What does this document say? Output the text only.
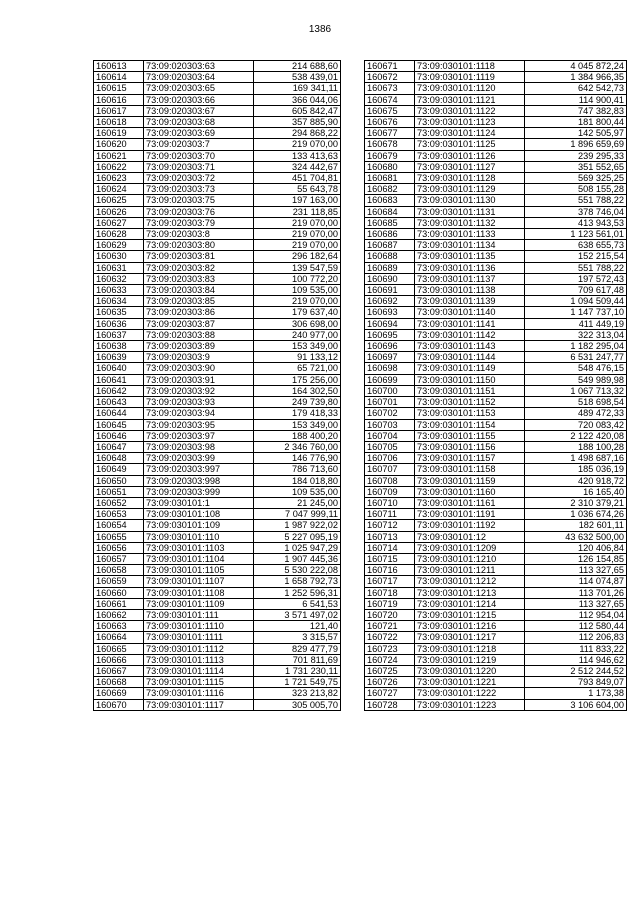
1386
160613	73:09:020303:63	214 688,60
160614	73:09:020303:64	538 439,01
160615	73:09:020303:65	169 341,11
160616	73:09:020303:66	366 044,06
160617	73:09:020303:67	605 842,47
160618	73:09:020303:68	357 885,90
160619	73:09:020303:69	294 868,22
160620	73:09:020303:7	219 070,00
160621	73:09:020303:70	133 413,63
160622	73:09:020303:71	324 442,67
160623	73:09:020303:72	451 704,81
160624	73:09:020303:73	55 643,78
160625	73:09:020303:75	197 163,00
160626	73:09:020303:76	231 118,85
160627	73:09:020303:79	219 070,00
160628	73:09:020303:8	219 070,00
160629	73:09:020303:80	219 070,00
160630	73:09:020303:81	296 182,64
160631	73:09:020303:82	139 547,59
160632	73:09:020303:83	100 772,20
160633	73:09:020303:84	109 535,00
160634	73:09:020303:85	219 070,00
160635	73:09:020303:86	179 637,40
160636	73:09:020303:87	306 698,00
160637	73:09:020303:88	240 977,00
160638	73:09:020303:89	153 349,00
160639	73:09:020303:9	91 133,12
160640	73:09:020303:90	65 721,00
160641	73:09:020303:91	175 256,00
160642	73:09:020303:92	164 302,50
160643	73:09:020303:93	249 739,80
160644	73:09:020303:94	179 418,33
160645	73:09:020303:95	153 349,00
160646	73:09:020303:97	188 400,20
160647	73:09:020303:98	2 346 760,00
160648	73:09:020303:99	146 776,90
160649	73:09:020303:997	786 713,60
160650	73:09:020303:998	184 018,80
160651	73:09:020303:999	109 535,00
160652	73:09:030101:1	21 245,00
160653	73:09:030101:108	7 047 999,11
160654	73:09:030101:109	1 987 922,02
160655	73:09:030101:110	5 227 095,19
160656	73:09:030101:1103	1 025 947,29
160657	73:09:030101:1104	1 907 445,36
160658	73:09:030101:1105	5 530 222,08
160659	73:09:030101:1107	1 658 792,73
160660	73:09:030101:1108	1 252 596,31
160661	73:09:030101:1109	6 541,53
160662	73:09:030101:111	3 571 497,02
160663	73:09:030101:1110	121,40
160664	73:09:030101:1111	3 315,57
160665	73:09:030101:1112	829 477,79
160666	73:09:030101:1113	701 811,69
160667	73:09:030101:1114	1 731 230,11
160668	73:09:030101:1115	1 721 549,75
160669	73:09:030101:1116	323 213,82
160670	73:09:030101:1117	305 005,70
160671	73:09:030101:1118	4 045 872,24
160672	73:09:030101:1119	1 384 966,35
160673	73:09:030101:1120	642 542,73
160674	73:09:030101:1121	114 900,41
160675	73:09:030101:1122	747 382,83
160676	73:09:030101:1123	181 800,44
160677	73:09:030101:1124	142 505,97
160678	73:09:030101:1125	1 896 659,69
160679	73:09:030101:1126	239 295,33
160680	73:09:030101:1127	351 552,65
160681	73:09:030101:1128	569 325,25
160682	73:09:030101:1129	508 155,28
160683	73:09:030101:1130	551 788,22
160684	73:09:030101:1131	378 746,04
160685	73:09:030101:1132	413 943,53
160686	73:09:030101:1133	1 123 561,01
160687	73:09:030101:1134	638 655,73
160688	73:09:030101:1135	152 215,54
160689	73:09:030101:1136	551 788,22
160690	73:09:030101:1137	197 572,43
160691	73:09:030101:1138	709 617,48
160692	73:09:030101:1139	1 094 509,44
160693	73:09:030101:1140	1 147 737,10
160694	73:09:030101:1141	411 449,19
160695	73:09:030101:1142	322 313,04
160696	73:09:030101:1143	1 182 295,04
160697	73:09:030101:1144	6 531 247,77
160698	73:09:030101:1149	548 476,15
160699	73:09:030101:1150	549 989,98
160700	73:09:030101:1151	1 067 713,32
160701	73:09:030101:1152	518 698,54
160702	73:09:030101:1153	489 472,33
160703	73:09:030101:1154	720 083,42
160704	73:09:030101:1155	2 122 420,08
160705	73:09:030101:1156	188 100,28
160706	73:09:030101:1157	1 498 687,16
160707	73:09:030101:1158	185 036,19
160708	73:09:030101:1159	420 918,72
160709	73:09:030101:1160	16 165,40
160710	73:09:030101:1161	2 310 379,21
160711	73:09:030101:1191	1 036 674,26
160712	73:09:030101:1192	182 601,11
160713	73:09:030101:12	43 632 500,00
160714	73:09:030101:1209	120 406,84
160715	73:09:030101:1210	126 154,85
160716	73:09:030101:1211	113 327,65
160717	73:09:030101:1212	114 074,87
160718	73:09:030101:1213	113 701,26
160719	73:09:030101:1214	113 327,65
160720	73:09:030101:1215	112 954,04
160721	73:09:030101:1216	112 580,44
160722	73:09:030101:1217	112 206,83
160723	73:09:030101:1218	111 833,22
160724	73:09:030101:1219	114 946,62
160725	73:09:030101:1220	2 512 244,52
160726	73:09:030101:1221	793 849,07
160727	73:09:030101:1222	1 173,38
160728	73:09:030101:1223	3 106 604,00
